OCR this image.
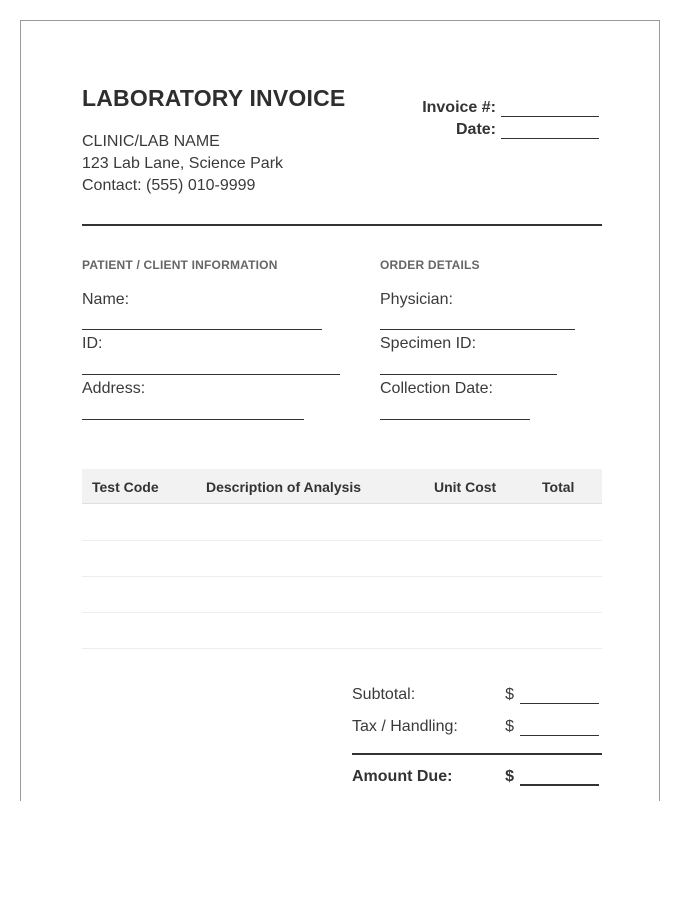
LABORATORY INVOICE
CLINIC/LAB NAME
123 Lab Lane, Science Park
Contact: (555) 010-9999
Invoice #:
Date:
PATIENT / CLIENT INFORMATION
Name:
ID:
Address:
ORDER DETAILS
Physician:
Specimen ID:
Collection Date:
Test Code	Description of Analysis	Unit Cost	Total
Subtotal:	$
Tax / Handling:	$
Amount Due:	$
